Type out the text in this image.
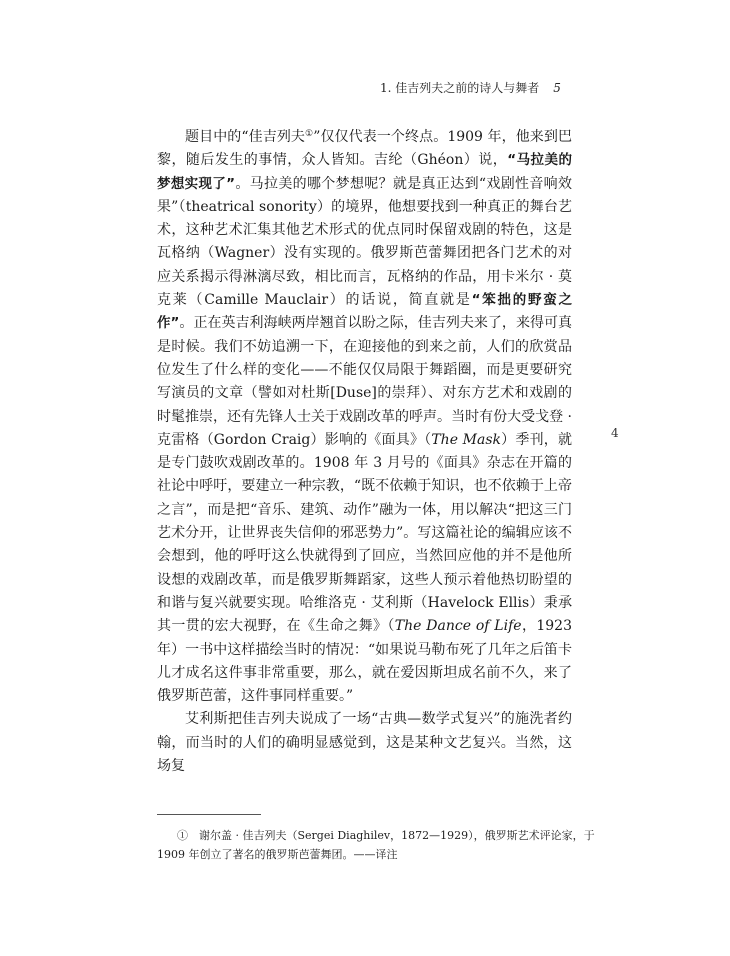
1. 佳吉列夫之前的诗人与舞者 5

题目中的“佳吉列夫①”仅仅代表一个终点。1909 年，他来到巴黎，随后发生的事情，众人皆知。吉纶（Ghéon）说，“马拉美的梦想实现了”。马拉美的哪个梦想呢？就是真正达到“戏剧性音响效果”（theatrical sonority）的境界，他想要找到一种真正的舞台艺术，这种艺术汇集其他艺术形式的优点同时保留戏剧的特色，这是瓦格纳（Wagner）没有实现的。俄罗斯芭蕾舞团把各门艺术的对应关系揭示得淋漓尽致，相比而言，瓦格纳的作品，用卡米尔 · 莫克莱（Camille Mauclair）的话说，简直就是“笨拙的野蛮之作”。正在英吉利海峡两岸翘首以盼之际，佳吉列夫来了，来得可真是时候。我们不妨追溯一下，在迎接他的到来之前，人们的欣赏品位发生了什么样的变化——不能仅仅局限于舞蹈圈，而是更要研究写演员的文章（譬如对杜斯[Duse]的崇拜）、对东方艺术和戏剧的时髦推崇，还有先锋人士关于戏剧改革的呼声。当时有份大受戈登 · 克雷格（Gordon Craig）影响的《面具》（The Mask）季刊，就是专门鼓吹戏剧改革的。1908 年 3 月号的《面具》杂志在开篇的社论中呼吁，要建立一种宗教，“既不依赖于知识，也不依赖于上帝之言”，而是把“音乐、建筑、动作”融为一体，用以解决“把这三门艺术分开，让世界丧失信仰的邪恶势力”。写这篇社论的编辑应该不会想到，他的呼吁这么快就得到了回应，当然回应他的并不是他所设想的戏剧改革，而是俄罗斯舞蹈家，这些人预示着他热切盼望的和谐与复兴就要实现。哈维洛克 · 艾利斯（Havelock Ellis）秉承其一贯的宏大视野，在《生命之舞》（The Dance of Life，1923 年）一书中这样描绘当时的情况：“如果说马勒布死了几年之后笛卡儿才成名这件事非常重要，那么，就在爱因斯坦成名前不久，来了俄罗斯芭蕾，这件事同样重要。”

艾利斯把佳吉列夫说成了一场“古典—数学式复兴”的施洗者约翰，而当时的人们的确明显感觉到，这是某种文艺复兴。当然，这场复

4
①　谢尔盖 · 佳吉列夫（Sergei Diaghilev，1872—1929），俄罗斯艺术评论家，于
1909 年创立了著名的俄罗斯芭蕾舞团。——译注
